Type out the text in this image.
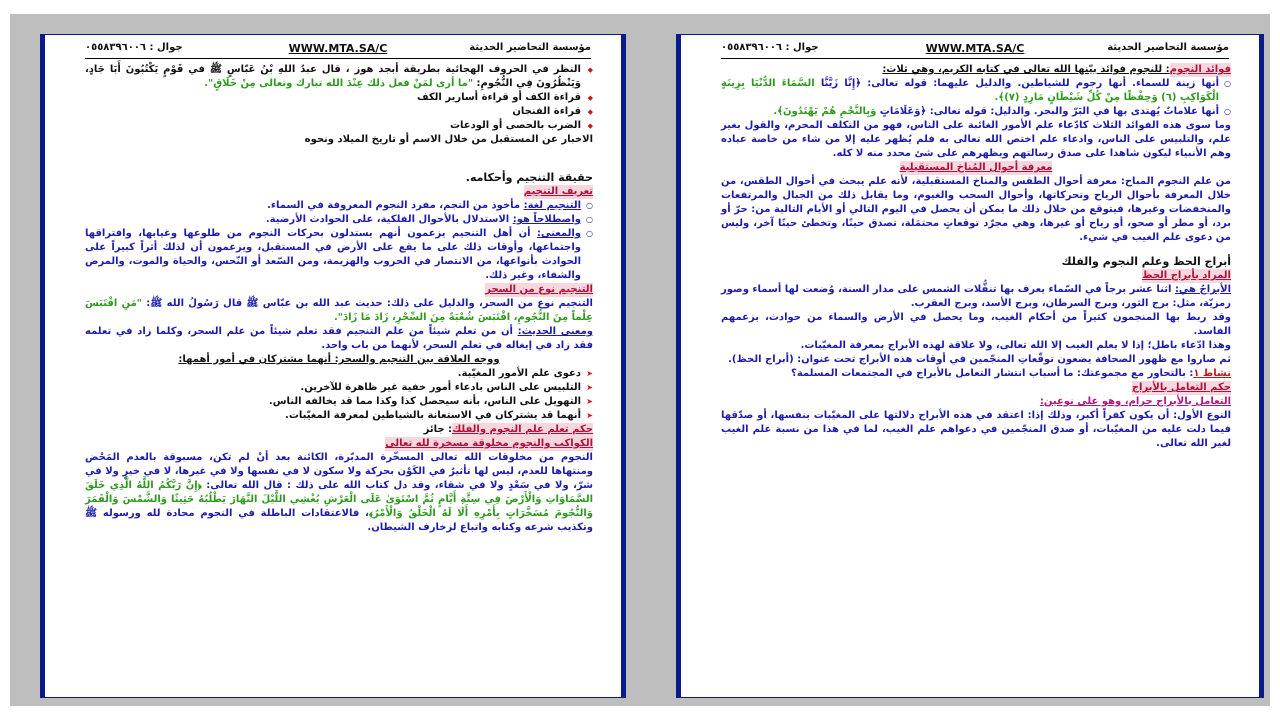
مؤسسة التحاضير الحديثة
WWW.MTA.SA/C
جوال : ٠٥٥٨٣٩٦٠٠٦

◆ النظر في الحروف الهجائية بطريقة أبجد هوز ، قال عبدُ اللهِ بْنُ عَبّاسٍ ﷺ في قَوْمٍ يَكْتُبُونَ أَبَا جَادٍ، وَيَنْظُرُونَ فِي النُّجُومِ: "ما أرى لمَنْ فعل ذلك عِنْدَ الله تبارك وتعالى مِنْ خَلَاقٍ".

◆ قراءة الكف أو قراءة أسارير الكف

◆ قراءة الفنجان

◆ الضرب بالحصى أو الودعات

الاخبار عن المستقبل من خلال الاسم أو تاريخ الميلاد ونحوه

حقيقة التنجيم وأحكامه.

تعريف التنجيم

○ التنجيم لغة: مأخوذ من النجم، مفرد النجوم المعروفة في السماء.

○ واصطلاحاً هو: الاستدلال بالأحوال الفلكية، على الحوادث الأرضية.

○ والمعنى: أن أهل التنجيم يزعمون أنهم يستدلون بحركات النجوم من طلوعها وغيابها، وافتراقها واجتماعها، وأوقات ذلك على ما يقع على الأرض في المستقبل، ويزعمون أن لذلك أثراً كبيراً على الحوادث بأنواعها، من الانتصار في الحروب والهزيمة، ومن السّعد أو النّحس، والحياة والموت، والمرض والشفاء، وغير ذلك.

التنجيم نوع من السحر

التنجيم نوع من السحر، والدليل على ذلك: حديث عبد الله بن عبّاس ﷺ قال رَسُولُ الله ﷺ: "مَنِ اقْتَبَسَ عِلْماً مِنَ النُّجُومِ، اقْتَبَسَ شُعْبَةً مِنَ السِّحْرِ، زَادَ مَا زَادَ".

ومعنى الحديث: أن من تعلم شيئاً من علم التنجيم فقد تعلم شيئاً من علم السحر، وكلما زاد في تعلمه فقد زاد في إيغاله في تعلم السحر، لأنهما من باب واحد.

ووجه العلاقة بين التنجيم والسحر: أنهما مشتركان في أمور أهمها:

➤ دعوى علم الأمور المغيّبة.

➤ التلبيس على الناس بادعاء أمور خفية غير ظاهرة للآخرين.

➤ التهويل على الناس، بأنه سيحصل كذا وكذا مما قد يخالفه الناس.

➤ أنهما قد يشتركان في الاستعانة بالشياطين لمعرفة المغيّبات.

حكم تعلم علم النجوم والفلك: جائز

الكواكب والنجوم مخلوقة مسخرة لله تعالى

النجوم من مخلوقات الله تعالى المسخّرة المدبّرة، الكائنة بعد أنْ لم تكن، مسبوقة بالعدم المَحْض ومنتهاها للعدم، ليس لها تأثيرٌ في الكَوْن بحركة ولا سكون لا في نفسها ولا في غيرها، لا في خيرٍ ولا في شرّ، ولا في سَعْدٍ ولا في شقاء، وقد دل كتاب الله على ذلك : قال الله تعالى: ﴿إِنَّ رَبَّكُمُ اللَّهُ الَّذِي خَلَقَ السَّمَاوَاتِ وَالْأَرْضَ فِي سِتَّةِ أَيَّامٍ ثُمَّ اسْتَوَىٰ عَلَى الْعَرْشِ يُغْشِي اللَّيْلَ النَّهَارَ يَطْلُبُهُ حَثِيثًا وَالشَّمْسَ وَالْقَمَرَ وَالنُّجُومَ مُسَخَّرَاتٍ بِأَمْرِهِ أَلَا لَهُ الْخَلْقُ وَالْأَمْرُ﴾، فالاعتقادات الباطلة في النجوم محادة لله ورسوله ﷺ وتكذيب شرعه وكتابه واتباع لزخارف الشيطان.

مؤسسة التحاضير الحديثة
WWW.MTA.SA/C
جوال : ٠٥٥٨٣٩٦٠٠٦

فوائد النجوم: للنجوم فوائد بيّنها الله تعالى في كتابه الكريم، وهي ثلاث:

○ أنها زينة للسماء. أنها رجوم للشياطين. والدليل عليهما: قوله تعالى: ﴿إِنَّا زَيَّنَّا السَّمَاءَ الدُّنْيَا بِزِينَةٍ الْكَوَاكِبِ (٦) وَحِفْظًا مِنْ كُلِّ شَيْطَانٍ مَارِدٍ (٧)﴾.

○ أنها علاماتٌ يُهتدى بها في البَرّ والبحر. والدليل: قوله تعالى: ﴿وَعَلَامَاتٍ وَبِالنَّجْمِ هُمْ يَهْتَدُونَ﴾.

وما سوى هذه الفوائد الثلاث كادّعاء علم الأمور الغائبة على الناس، فهو من التكلف المحرم، والقول بغير علم، والتلبيس على الناس، وادعاء علم اختص الله تعالى به فلم يُظهر عليه إلا من شاء من خاصة عباده وهم الأنبياء ليكون شاهدا على صدق رسالتهم ويظهرهم على شئ محدد منه لا كله.

معرفة أحوال المُناخ المستقبلية

من علم النجوم المباح: معرفة أحوال الطقس والمناخ المستقبلية، لأنه علم يبحث في أحوال الطقس، من خلال المعرفة بأحوال الرياح وتحركاتها، وأحوال السحب والغيوم، وما يقابل ذلك من الجبال والمرتفعات والمنخفضات وغيرها، فيتوقع من خلال ذلك ما يمكن أن يحصل في اليوم التالي أو الأيام التالية من: حرّ أو برد، أو مطر أو صحو، أو رياح أو غيرها، وهي مجرّد توقعاتٍ محتمَلة، تصدق حينًا، وتخطئ حينًا آخر، وليس من دعوى علم الغيب في شيء.

أبراج الحظ وعلم النجوم والفلك

المراد بأبراج الحظ

الأبراجُ هي: اثنا عشر برجاً في السّماء يعرف بها تنقُّلات الشمس على مدار السنة، وُضعت لها أسماء وصور رمزيّة، مثل: برج الثور، وبرج السرطان، وبرج الأسد، وبرج العقرب.

وقد ربط بها المنجمون كثيراً من أحكام الغيب، وما يحصل في الأرض والسماء من حوادث، بزعمهم الفاسد.

وهذا ادّعاء باطل؛ إذا لا يعلم الغيب إلا الله تعالى، ولا علاقة لهذه الأبراج بمعرفة المغيّبات.

ثم صاروا مع ظهور الصحافة يضعون توقّعاتِ المنجّمين في أوقات هذه الأبراج تحت عنوان: (أبراج الحظ).

نشاط ١: بالتحاور مع مجموعتك: ما أسباب انتشار التعامل بالأبراج في المجتمعات المسلمة؟

حكم التعامل بالأبراج

التعامل بالأبراج حرام، وهو على نوعين:

النوع الأول: أن يكون كفراً أكبر، وذلك إذا: اعتقد في هذه الأبراج دلالتها على المغيّبات بنفسها، أو صدّقها فيما دلت عليه من المغيّبات، أو صدق المنجّمين في دعواهم علم الغيب، لما في هذا من نسبة علم الغيب لغير الله تعالى.
